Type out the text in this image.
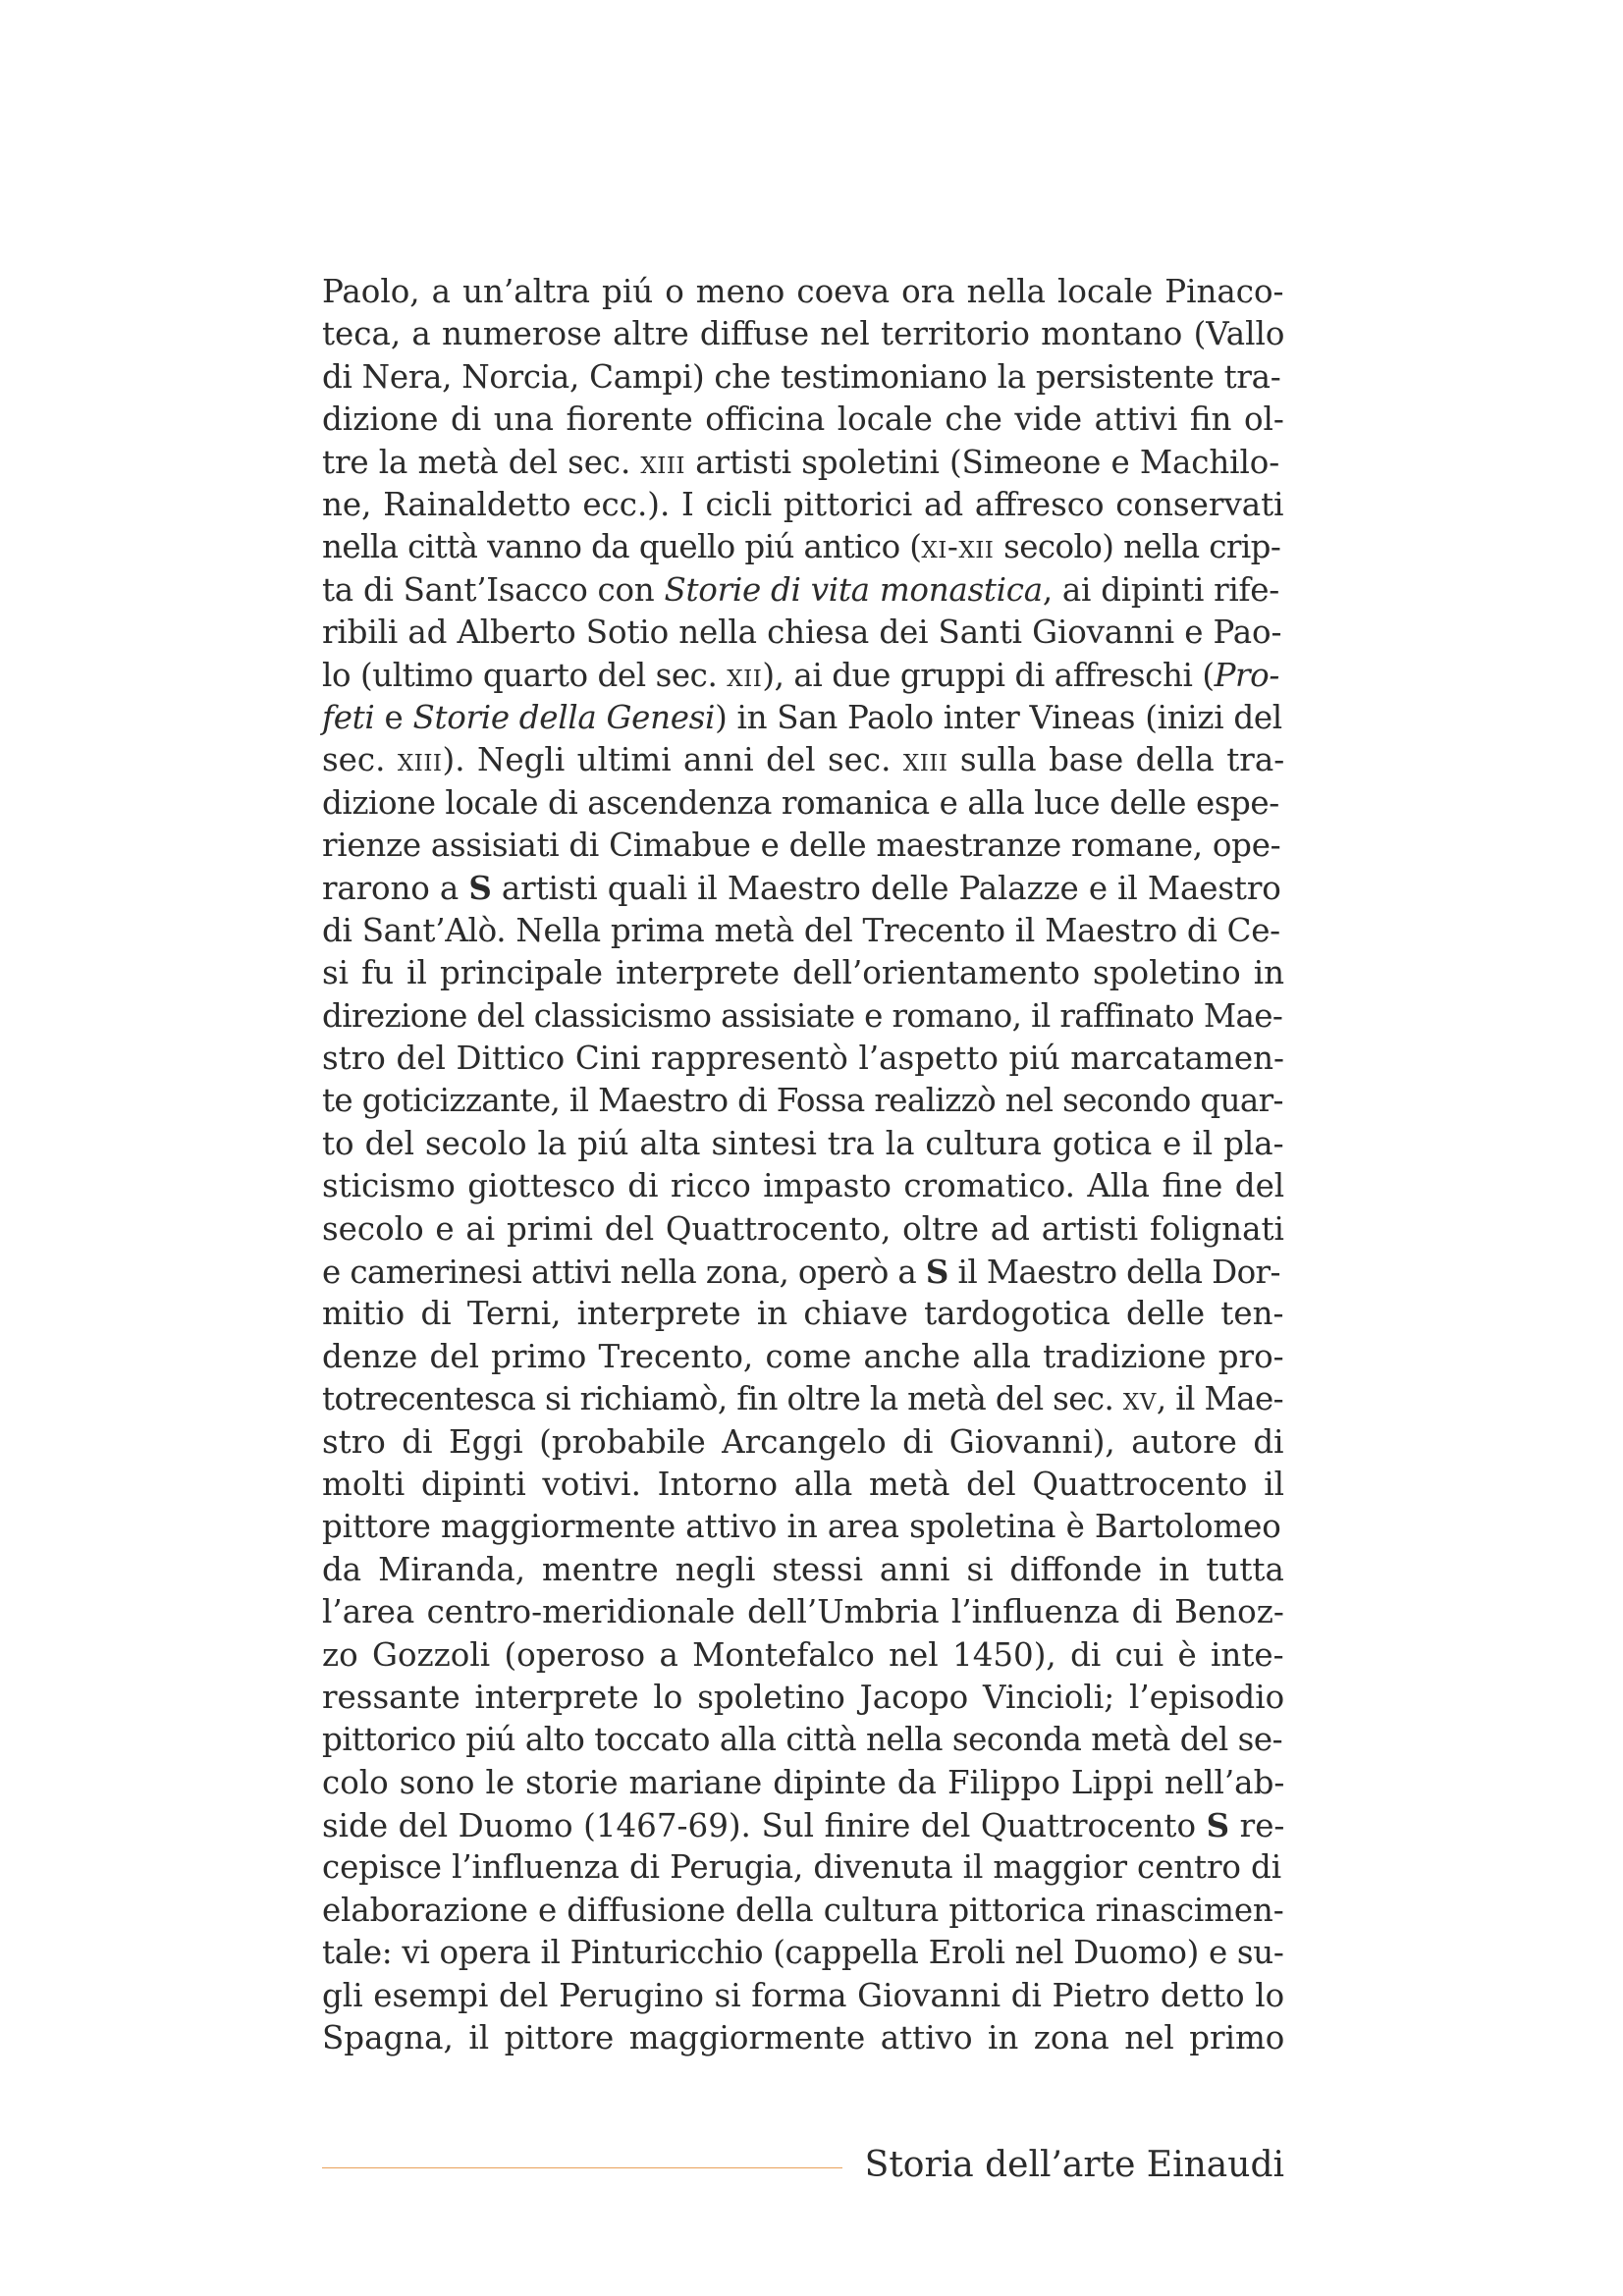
Paolo, a un’altra piú o meno coeva ora nella locale Pinaco-
teca, a numerose altre diffuse nel territorio montano (Vallo
di Nera, Norcia, Campi) che testimoniano la persistente tra-
dizione di una fiorente officina locale che vide attivi fin ol-
tre la metà del sec. xiii artisti spoletini (Simeone e Machilo-
ne, Rainaldetto ecc.). I cicli pittorici ad affresco conservati
nella città vanno da quello piú antico (xi-xii secolo) nella crip-
ta di Sant’Isacco con Storie di vita monastica, ai dipinti rife-
ribili ad Alberto Sotio nella chiesa dei Santi Giovanni e Pao-
lo (ultimo quarto del sec. xii), ai due gruppi di affreschi (Pro-
feti e Storie della Genesi) in San Paolo inter Vineas (inizi del
sec. xiii). Negli ultimi anni del sec. xiii sulla base della tra-
dizione locale di ascendenza romanica e alla luce delle espe-
rienze assisiati di Cimabue e delle maestranze romane, ope-
rarono a S artisti quali il Maestro delle Palazze e il Maestro
di Sant’Alò. Nella prima metà del Trecento il Maestro di Ce-
si fu il principale interprete dell’orientamento spoletino in
direzione del classicismo assisiate e romano, il raffinato Mae-
stro del Dittico Cini rappresentò l’aspetto piú marcatamen-
te goticizzante, il Maestro di Fossa realizzò nel secondo quar-
to del secolo la piú alta sintesi tra la cultura gotica e il pla-
sticismo giottesco di ricco impasto cromatico. Alla fine del
secolo e ai primi del Quattrocento, oltre ad artisti folignati
e camerinesi attivi nella zona, operò a S il Maestro della Dor-
mitio di Terni, interprete in chiave tardogotica delle ten-
denze del primo Trecento, come anche alla tradizione pro-
totrecentesca si richiamò, fin oltre la metà del sec. xv, il Mae-
stro di Eggi (probabile Arcangelo di Giovanni), autore di
molti dipinti votivi. Intorno alla metà del Quattrocento il
pittore maggiormente attivo in area spoletina è Bartolomeo
da Miranda, mentre negli stessi anni si diffonde in tutta
l’area centro-meridionale dell’Umbria l’influenza di Benoz-
zo Gozzoli (operoso a Montefalco nel 1450), di cui è inte-
ressante interprete lo spoletino Jacopo Vincioli; l’episodio
pittorico piú alto toccato alla città nella seconda metà del se-
colo sono le storie mariane dipinte da Filippo Lippi nell’ab-
side del Duomo (1467-69). Sul finire del Quattrocento S re-
cepisce l’influenza di Perugia, divenuta il maggior centro di
elaborazione e diffusione della cultura pittorica rinascimen-
tale: vi opera il Pinturicchio (cappella Eroli nel Duomo) e su-
gli esempi del Perugino si forma Giovanni di Pietro detto lo
Spagna, il pittore maggiormente attivo in zona nel primo
Storia dell’arte Einaudi
